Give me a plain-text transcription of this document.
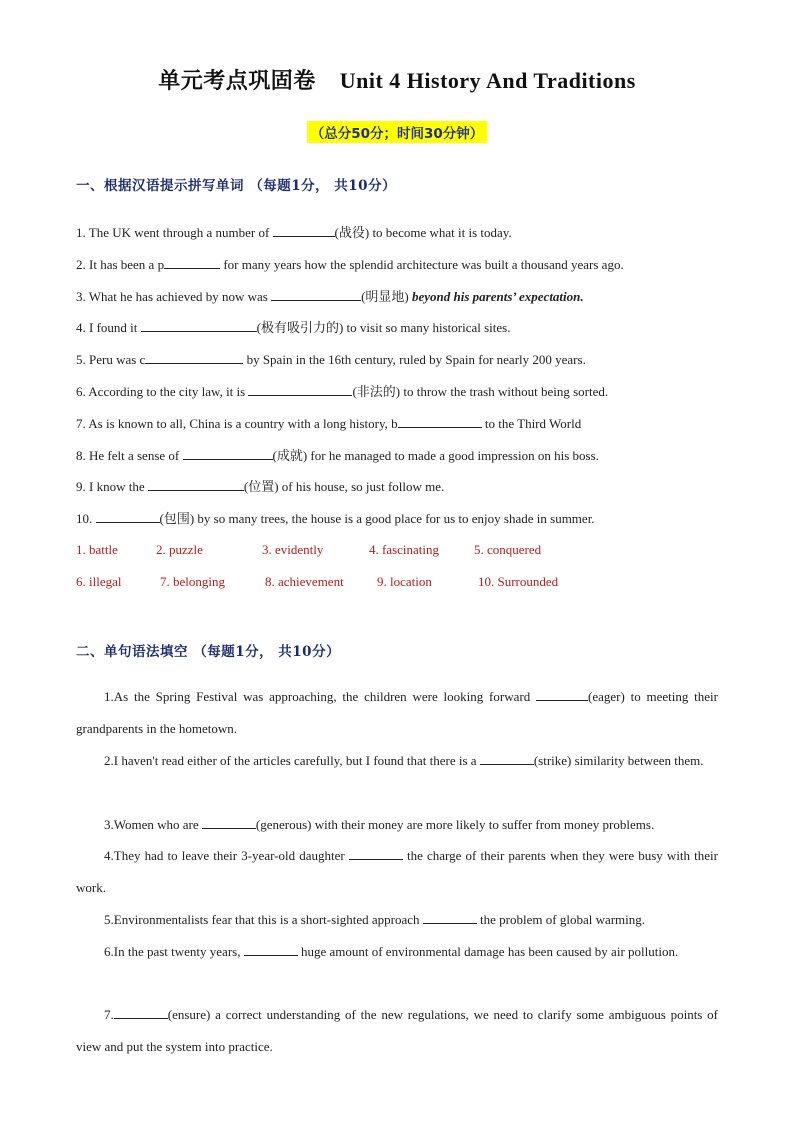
单元考点巩固卷 Unit 4 History And Traditions
（总分50分；时间30分钟）
一、根据汉语提示拼写单词 （每题1分， 共10分）
1. The UK went through a number of	(战役) to become what it is today.
2. It has been a p	for many years how the splendid architecture was built a thousand years ago.
3. What he has achieved by now was	(明显地) beyond his parents’ expectation.
4. I found it	(极有吸引力的) to visit so many historical sites.
5. Peru was c	by Spain in the 16th century, ruled by Spain for nearly 200 years.
6. According to the city law, it is	(非法的) to throw the trash without being sorted.
7. As is known to all, China is a country with a long history, b	to the Third World
8. He felt a sense of	(成就) for he managed to made a good impression on his boss.
9. I know the	(位置) of his house, so just follow me.
10.	(包围) by so many trees, the house is a good place for us to enjoy shade in summer.
1. battle	2. puzzle	3. evidently	4. fascinating	5. conquered
6. illegal	7. belonging	8. achievement	9. location	10. Surrounded
二、单句语法填空 （每题1分， 共10分）
1.As the Spring Festival was approaching, the children were looking forward	(eager) to meeting their grandparents in the hometown.
2.I haven't read either of the articles carefully, but I found that there is a	(strike) similarity between them.
3.Women who are	(generous) with their money are more likely to suffer from money problems.
4.They had to leave their 3-year-old daughter	the charge of their parents when they were busy with their work.
5.Environmentalists fear that this is a short-sighted approach	the problem of global warming.
6.In the past twenty years,	huge amount of environmental damage has been caused by air pollution.
7.	(ensure) a correct understanding of the new regulations, we need to clarify some ambiguous points of view and put the system into practice.
